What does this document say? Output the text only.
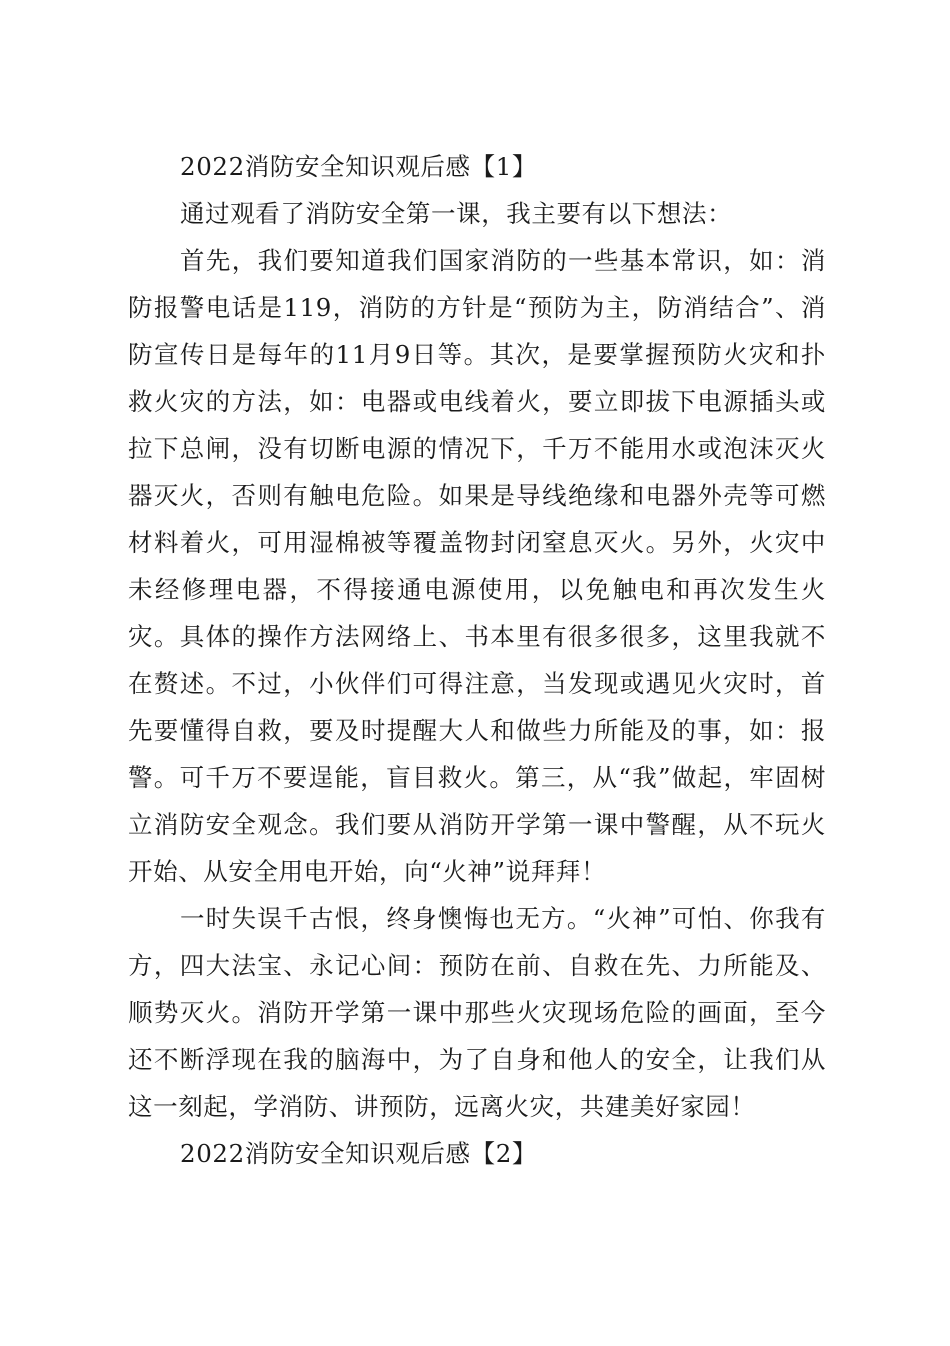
2022消防安全知识观后感【1】

通过观看了消防安全第一课，我主要有以下想法：

首先，我们要知道我们国家消防的一些基本常识，如：消防报警电话是119，消防的方针是“预防为主，防消结合”、消防宣传日是每年的11月9日等。其次，是要掌握预防火灾和扑救火灾的方法，如：电器或电线着火，要立即拔下电源插头或拉下总闸，没有切断电源的情况下，千万不能用水或泡沫灭火器灭火，否则有触电危险。如果是导线绝缘和电器外壳等可燃材料着火，可用湿棉被等覆盖物封闭窒息灭火。另外，火灾中未经修理电器，不得接通电源使用，以免触电和再次发生火灾。具体的操作方法网络上、书本里有很多很多，这里我就不在赘述。不过，小伙伴们可得注意，当发现或遇见火灾时，首先要懂得自救，要及时提醒大人和做些力所能及的事，如：报警。可千万不要逞能，盲目救火。第三，从“我”做起，牢固树立消防安全观念。我们要从消防开学第一课中警醒，从不玩火开始、从安全用电开始，向“火神”说拜拜！

一时失误千古恨，终身懊悔也无方。“火神”可怕、你我有方，四大法宝、永记心间：预防在前、自救在先、力所能及、顺势灭火。消防开学第一课中那些火灾现场危险的画面，至今还不断浮现在我的脑海中，为了自身和他人的安全，让我们从这一刻起，学消防、讲预防，远离火灾，共建美好家园！

2022消防安全知识观后感【2】
